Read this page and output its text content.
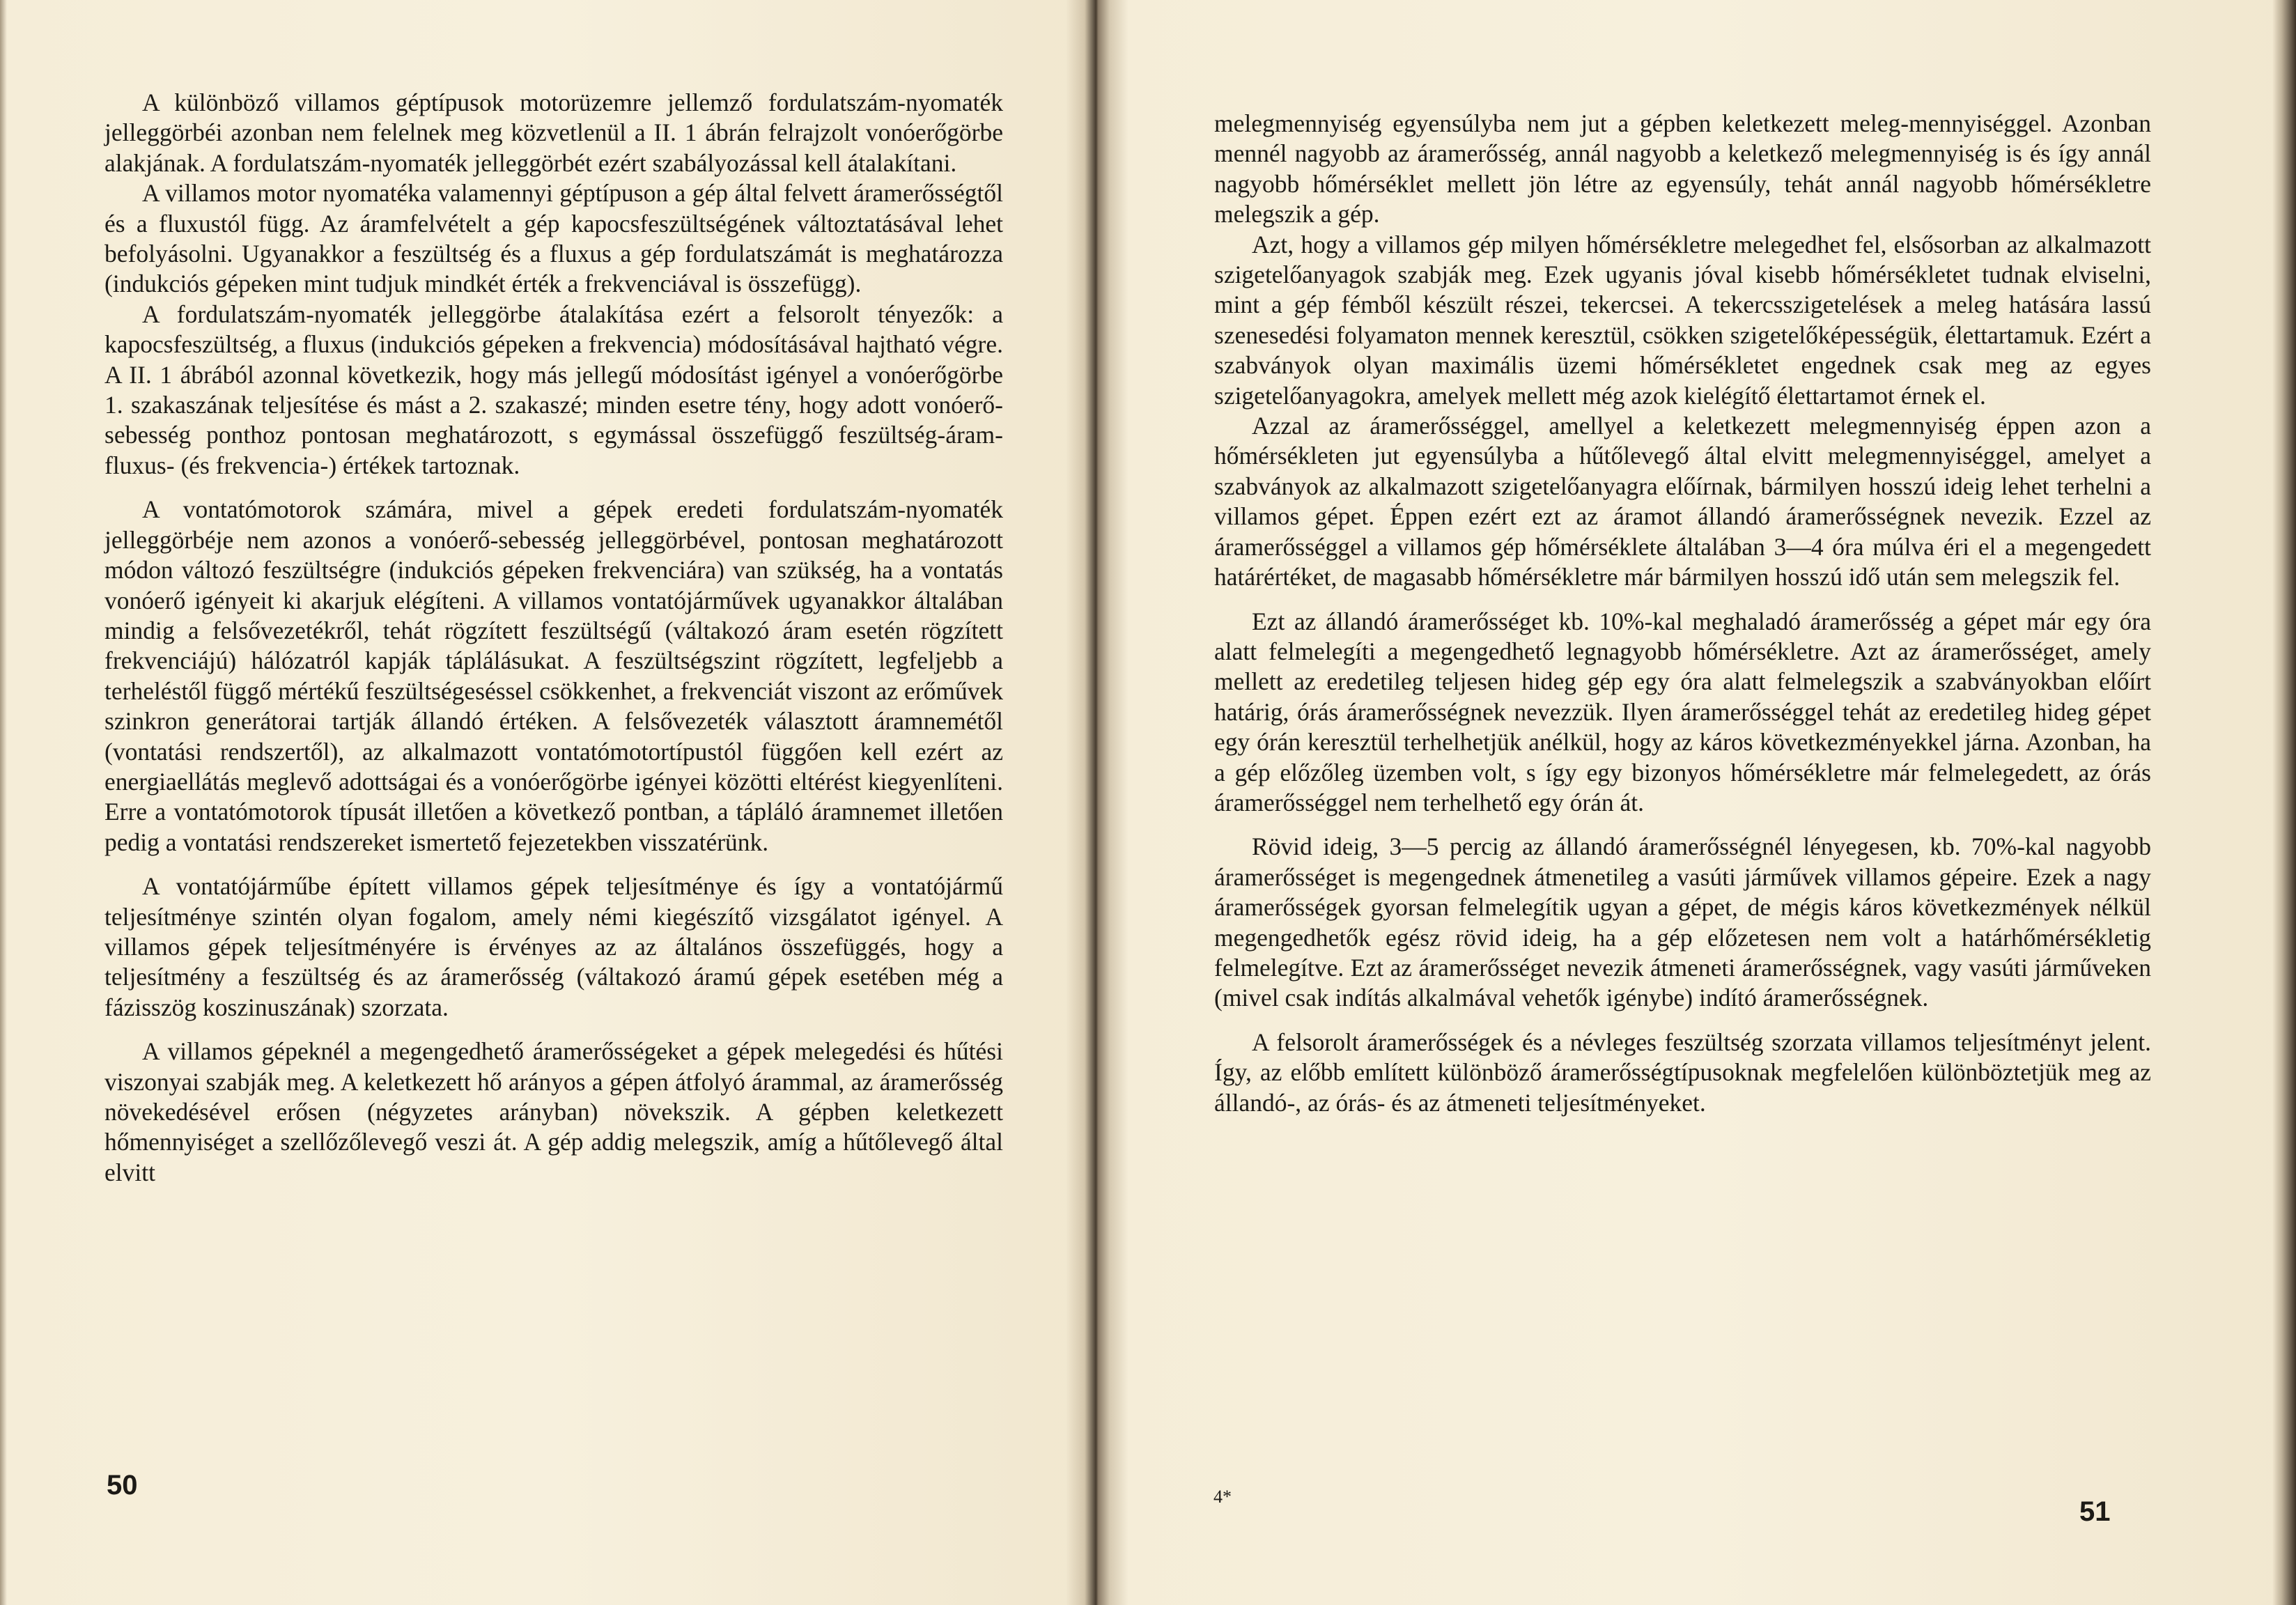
A különböző villamos géptípusok motorüzemre jellemző fordulatszám-nyomaték jelleggörbéi azonban nem felelnek meg közvetlenül a II. 1 ábrán felrajzolt vonóerőgörbe alakjának. A fordulatszám-nyomaték jelleggörbét ezért szabályozással kell átalakítani.

A villamos motor nyomatéka valamennyi géptípuson a gép által felvett áramerősségtől és a fluxustól függ. Az áramfelvételt a gép kapocsfeszültségének változtatásával lehet befolyásolni. Ugyanakkor a feszültség és a fluxus a gép fordulatszámát is meghatározza (indukciós gépeken mint tudjuk mindkét érték a frekvenciával is összefügg).

A fordulatszám-nyomaték jelleggörbe átalakítása ezért a felsorolt tényezők: a kapocsfeszültség, a fluxus (indukciós gépeken a frekvencia) módosításával hajtható végre. A II. 1 ábrából azonnal következik, hogy más jellegű módosítást igényel a vonóerőgörbe 1. szakaszának teljesítése és mást a 2. szakaszé; minden esetre tény, hogy adott vonóerő-sebesség ponthoz pontosan meghatározott, s egymással összefüggő feszültség-áram-fluxus- (és frekvencia-) értékek tartoznak.

A vontatómotorok számára, mivel a gépek eredeti fordulatszám-nyomaték jelleggörbéje nem azonos a vonóerő-sebesség jelleggörbével, pontosan meghatározott módon változó feszültségre (indukciós gépeken frekvenciára) van szükség, ha a vontatás vonóerő igényeit ki akarjuk elégíteni. A villamos vontatójárművek ugyanakkor általában mindig a felsővezetékről, tehát rögzített feszültségű (váltakozó áram esetén rögzített frekvenciájú) hálózatról kapják táplálásukat. A feszültségszint rögzített, legfeljebb a terheléstől függő mértékű feszültségeséssel csökkenhet, a frekvenciát viszont az erőművek szinkron generátorai tartják állandó értéken. A felsővezeték választott áramnemétől (vontatási rendszertől), az alkalmazott vontatómotortípustól függően kell ezért az energiaellátás meglevő adottságai és a vonóerőgörbe igényei közötti eltérést kiegyenlíteni. Erre a vontatómotorok típusát illetően a következő pontban, a tápláló áramnemet illetően pedig a vontatási rendszereket ismertető fejezetekben visszatérünk.

A vontatójárműbe épített villamos gépek teljesítménye és így a vontatójármű teljesítménye szintén olyan fogalom, amely némi kiegészítő vizsgálatot igényel. A villamos gépek teljesítményére is érvényes az az általános összefüggés, hogy a teljesítmény a feszültség és az áramerősség (váltakozó áramú gépek esetében még a fázisszög koszinuszának) szorzata.

A villamos gépeknél a megengedhető áramerősségeket a gépek melegedési és hűtési viszonyai szabják meg. A keletkezett hő arányos a gépen átfolyó árammal, az áramerősség növekedésével erősen (négyzetes arányban) növekszik. A gépben keletkezett hőmennyiséget a szellőzőlevegő veszi át. A gép addig melegszik, amíg a hűtőlevegő által elvitt

50

melegmennyiség egyensúlyba nem jut a gépben keletkezett meleg-mennyiséggel. Azonban mennél nagyobb az áramerősség, annál nagyobb a keletkező melegmennyiség is és így annál nagyobb hőmérséklet mellett jön létre az egyensúly, tehát annál nagyobb hőmérsékletre melegszik a gép.

Azt, hogy a villamos gép milyen hőmérsékletre melegedhet fel, elsősorban az alkalmazott szigetelőanyagok szabják meg. Ezek ugyanis jóval kisebb hőmérsékletet tudnak elviselni, mint a gép fémből készült részei, tekercsei. A tekercsszigetelések a meleg hatására lassú szenesedési folyamaton mennek keresztül, csökken szigetelőképességük, élettartamuk. Ezért a szabványok olyan maximális üzemi hőmérsékletet engednek csak meg az egyes szigetelőanyagokra, amelyek mellett még azok kielégítő élettartamot érnek el.

Azzal az áramerősséggel, amellyel a keletkezett melegmennyiség éppen azon a hőmérsékleten jut egyensúlyba a hűtőlevegő által elvitt melegmennyiséggel, amelyet a szabványok az alkalmazott szigetelőanyagra előírnak, bármilyen hosszú ideig lehet terhelni a villamos gépet. Éppen ezért ezt az áramot állandó áramerősségnek nevezik. Ezzel az áramerősséggel a villamos gép hőmérséklete általában 3—4 óra múlva éri el a megengedett határértéket, de magasabb hőmérsékletre már bármilyen hosszú idő után sem melegszik fel.

Ezt az állandó áramerősséget kb. 10%-kal meghaladó áramerősség a gépet már egy óra alatt felmelegíti a megengedhető legnagyobb hőmérsékletre. Azt az áramerősséget, amely mellett az eredetileg teljesen hideg gép egy óra alatt felmelegszik a szabványokban előírt határig, órás áramerősségnek nevezzük. Ilyen áramerősséggel tehát az eredetileg hideg gépet egy órán keresztül terhelhetjük anélkül, hogy az káros következményekkel járna. Azonban, ha a gép előzőleg üzemben volt, s így egy bizonyos hőmérsékletre már felmelegedett, az órás áramerősséggel nem terhelhető egy órán át.

Rövid ideig, 3—5 percig az állandó áramerősségnél lényegesen, kb. 70%-kal nagyobb áramerősséget is megengednek átmenetileg a vasúti járművek villamos gépeire. Ezek a nagy áramerősségek gyorsan felmelegítik ugyan a gépet, de mégis káros következmények nélkül megengedhetők egész rövid ideig, ha a gép előzetesen nem volt a határhőmérsékletig felmelegítve. Ezt az áramerősséget nevezik átmeneti áramerősségnek, vagy vasúti járműveken (mivel csak indítás alkalmával vehetők igénybe) indító áramerősségnek.

A felsorolt áramerősségek és a névleges feszültség szorzata villamos teljesítményt jelent. Így, az előbb említett különböző áramerősségtípusoknak megfelelően különböztetjük meg az állandó-, az órás- és az átmeneti teljesítményeket.

4*	51
